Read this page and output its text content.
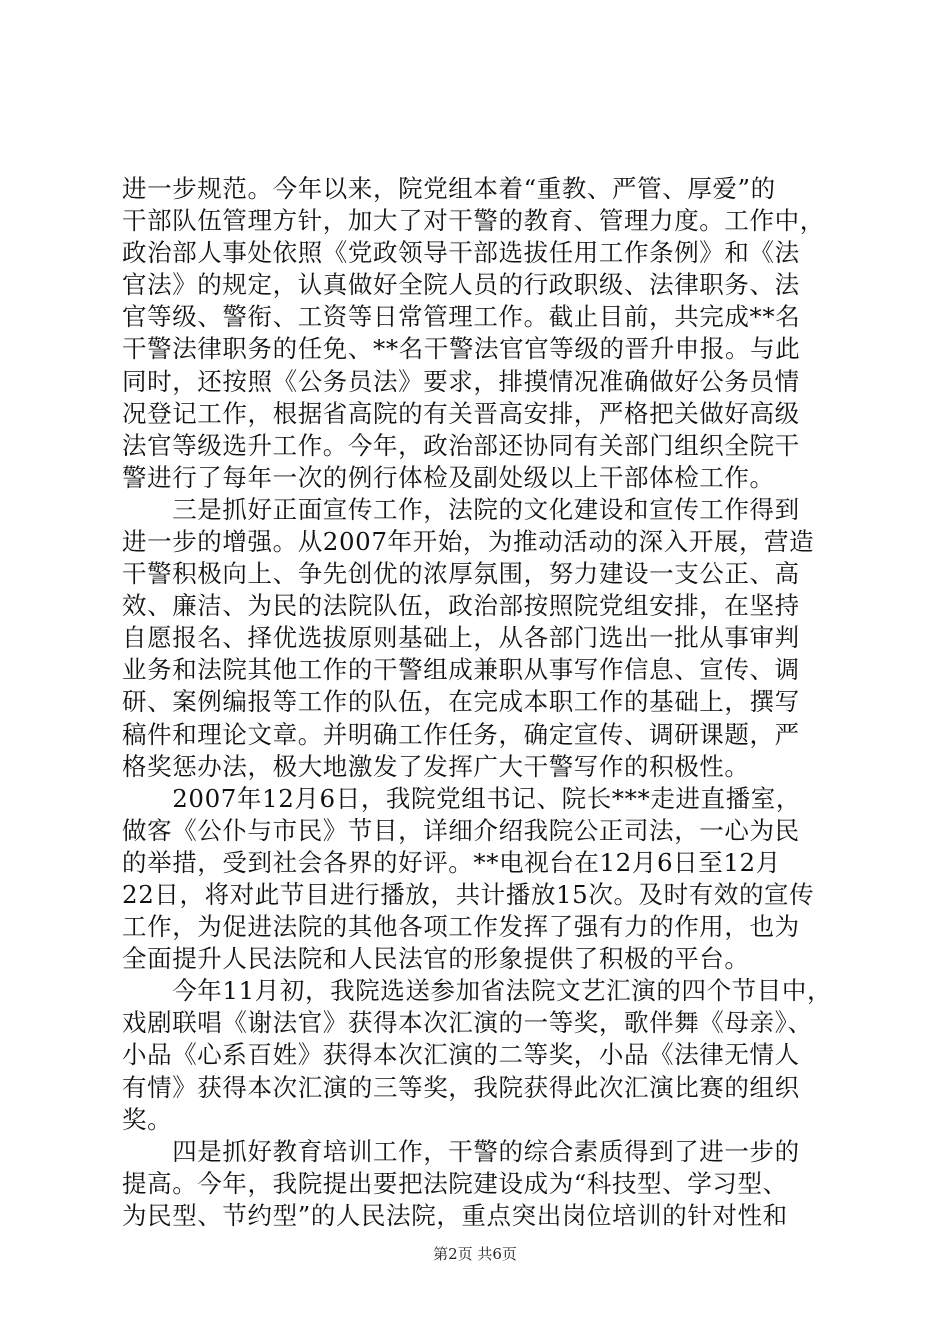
进一步规范。今年以来，院党组本着“重教、严管、厚爱”的
干部队伍管理方针，加大了对干警的教育、管理力度。工作中，
政治部人事处依照《党政领导干部选拔任用工作条例》和《法
官法》的规定，认真做好全院人员的行政职级、法律职务、法
官等级、警衔、工资等日常管理工作。截止目前，共完成**名
干警法律职务的任免、**名干警法官官等级的晋升申报。与此
同时，还按照《公务员法》要求，排摸情况准确做好公务员情
况登记工作，根据省高院的有关晋高安排，严格把关做好高级
法官等级选升工作。今年，政治部还协同有关部门组织全院干
警进行了每年一次的例行体检及副处级以上干部体检工作。
　　三是抓好正面宣传工作，法院的文化建设和宣传工作得到
进一步的增强。从2007年开始，为推动活动的深入开展，营造
干警积极向上、争先创优的浓厚氛围，努力建设一支公正、高
效、廉洁、为民的法院队伍，政治部按照院党组安排，在坚持
自愿报名、择优选拔原则基础上，从各部门选出一批从事审判
业务和法院其他工作的干警组成兼职从事写作信息、宣传、调
研、案例编报等工作的队伍，在完成本职工作的基础上，撰写
稿件和理论文章。并明确工作任务，确定宣传、调研课题，严
格奖惩办法，极大地激发了发挥广大干警写作的积极性。
　　2007年12月6日，我院党组书记、院长***走进直播室，
做客《公仆与市民》节目，详细介绍我院公正司法，一心为民
的举措，受到社会各界的好评。**电视台在12月6日至12月
22日，将对此节目进行播放，共计播放15次。及时有效的宣传
工作，为促进法院的其他各项工作发挥了强有力的作用，也为
全面提升人民法院和人民法官的形象提供了积极的平台。
　　今年11月初，我院选送参加省法院文艺汇演的四个节目中，
戏剧联唱《谢法官》获得本次汇演的一等奖，歌伴舞《母亲》、
小品《心系百姓》获得本次汇演的二等奖，小品《法律无情人
有情》获得本次汇演的三等奖，我院获得此次汇演比赛的组织
奖。
　　四是抓好教育培训工作，干警的综合素质得到了进一步的
提高。今年，我院提出要把法院建设成为“科技型、学习型、
为民型、节约型”的人民法院，重点突出岗位培训的针对性和
第2页 共6页
